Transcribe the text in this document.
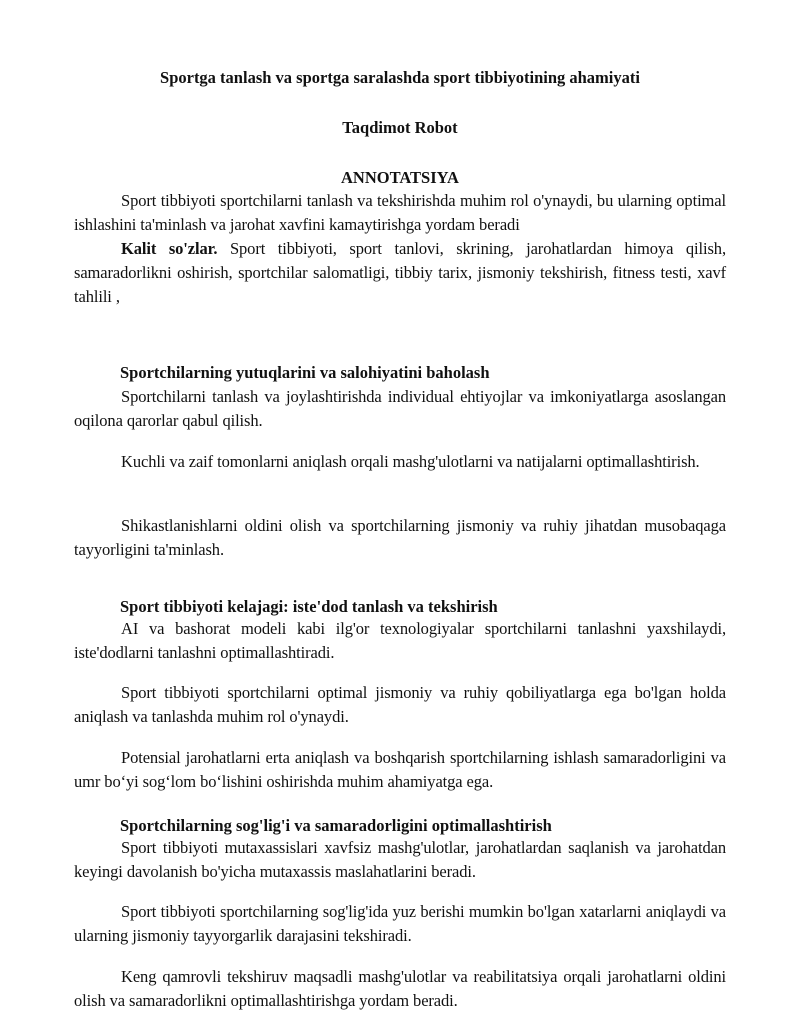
Sportga tanlash va sportga saralashda sport tibbiyotining ahamiyati

Taqdimot Robot

ANNOTATSIYA

Sport tibbiyoti sportchilarni tanlash va tekshirishda muhim rol o'ynaydi, bu ularning optimal ishlashini ta'minlash va jarohat xavfini kamaytirishga yordam beradi

Kalit so'zlar. Sport tibbiyoti, sport tanlovi, skrining, jarohatlardan himoya qilish, samaradorlikni oshirish, sportchilar salomatligi, tibbiy tarix, jismoniy tekshirish, fitness testi, xavf tahlili ,

Sportchilarning yutuqlarini va salohiyatini baholash

Sportchilarni tanlash va joylashtirishda individual ehtiyojlar va imkoniyatlarga asoslangan oqilona qarorlar qabul qilish.

Kuchli va zaif tomonlarni aniqlash orqali mashg'ulotlarni va natijalarni optimallashtirish.

Shikastlanishlarni oldini olish va sportchilarning jismoniy va ruhiy jihatdan musobaqaga tayyorligini ta'minlash.

Sport tibbiyoti kelajagi: iste'dod tanlash va tekshirish

AI va bashorat modeli kabi ilg'or texnologiyalar sportchilarni tanlashni yaxshilaydi, iste'dodlarni tanlashni optimallashtiradi.

Sport tibbiyoti sportchilarni optimal jismoniy va ruhiy qobiliyatlarga ega bo'lgan holda aniqlash va tanlashda muhim rol o'ynaydi.

Potensial jarohatlarni erta aniqlash va boshqarish sportchilarning ishlash samaradorligini va umr bo‘yi sog‘lom bo‘lishini oshirishda muhim ahamiyatga ega.

Sportchilarning sog'lig'i va samaradorligini optimallashtirish

Sport tibbiyoti mutaxassislari xavfsiz mashg'ulotlar, jarohatlardan saqlanish va jarohatdan keyingi davolanish bo'yicha mutaxassis maslahatlarini beradi.

Sport tibbiyoti sportchilarning sog'lig'ida yuz berishi mumkin bo'lgan xatarlarni aniqlaydi va ularning jismoniy tayyorgarlik darajasini tekshiradi.

Keng qamrovli tekshiruv maqsadli mashg'ulotlar va reabilitatsiya orqali jarohatlarni oldini olish va samaradorlikni optimallashtirishga yordam beradi.
